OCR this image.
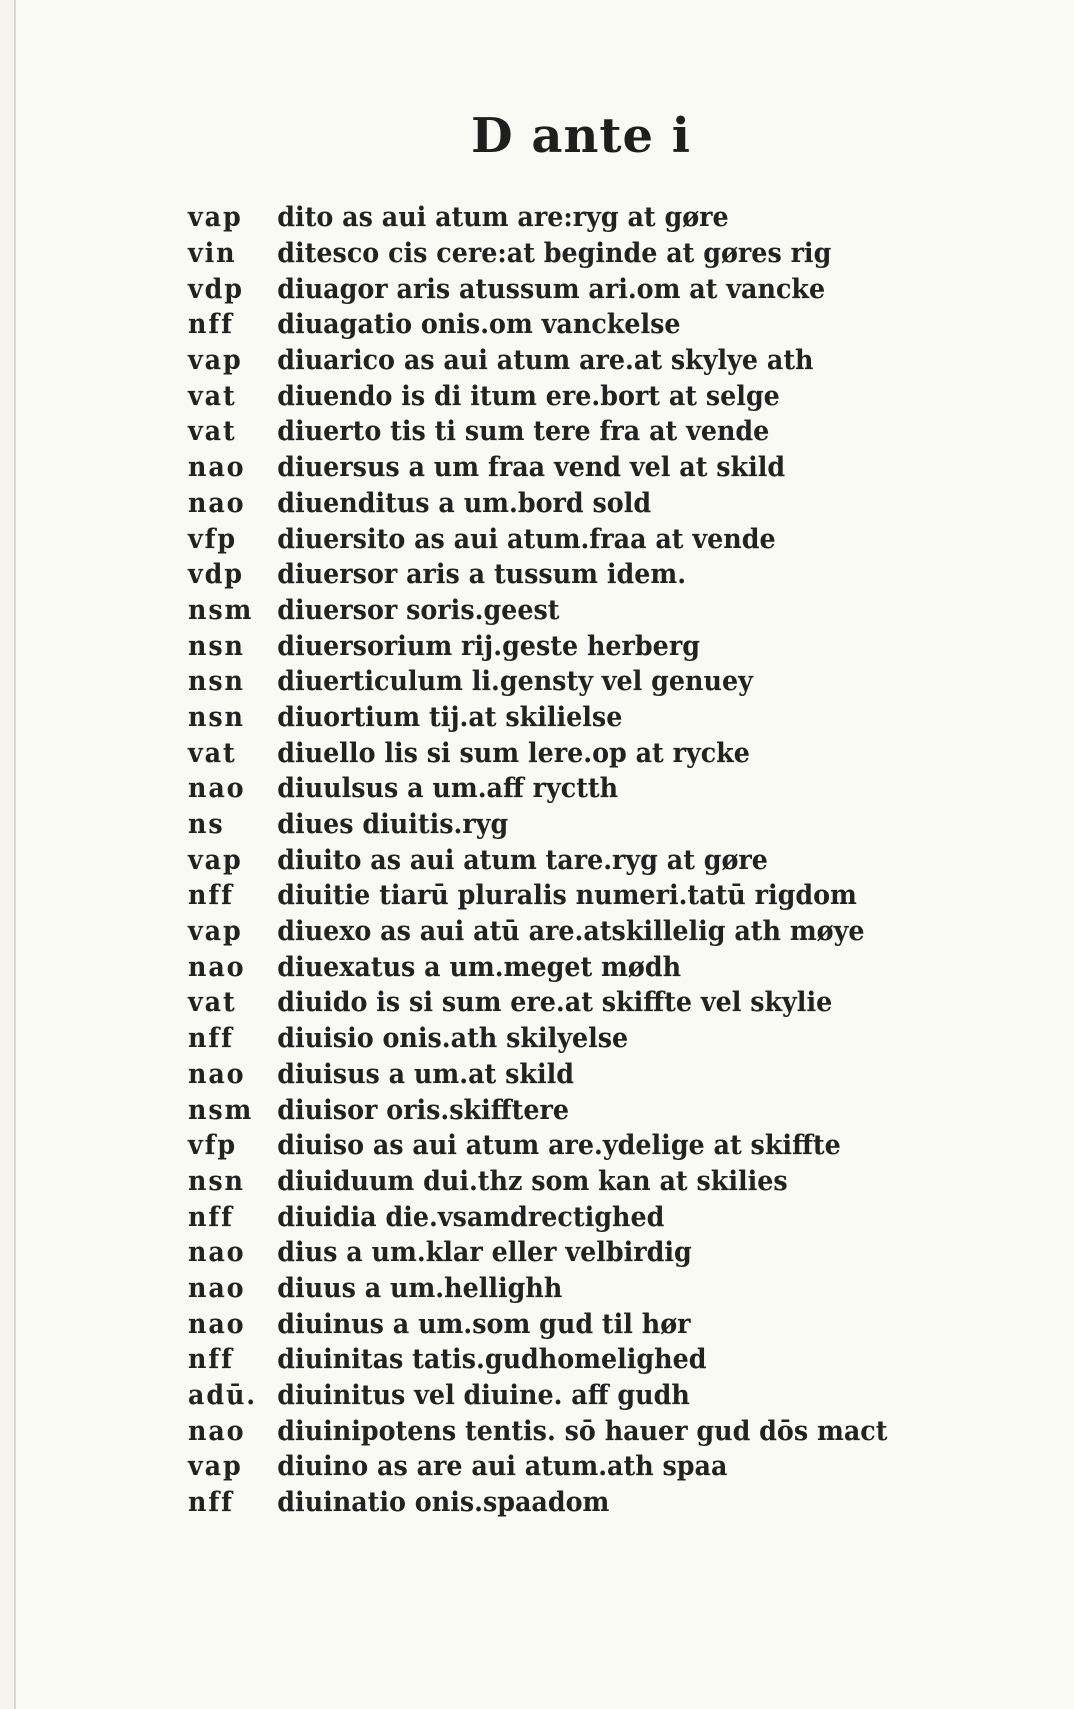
D ante i
vap	dito as aui atum are:ryg at gøre
vin	ditesco cis cere:at beginde at gøres rig
vdp	diuagor aris atussum ari.om at vancke
nff	diuagatio onis.om vanckelse
vap	diuarico as aui atum are.at skylye ath
vat	diuendo is di itum ere.bort at selge
vat	diuerto tis ti sum tere fra at vende
nao	diuersus a um fraa vend vel at skild
nao	diuenditus a um.bord sold
vfp	diuersito as aui atum.fraa at vende
vdp	diuersor aris a tussum idem.
nsm diuersor soris.geest
nsn	diuersorium rij.geste herberg
nsn	diuerticulum li.gensty vel genuey
nsn	diuortium tij.at skilielse
vat	diuello lis si sum lere.op at rycke
nao	diuulsus a um.aff ryctth
ns	diues diuitis.ryg
vap	diuito as aui atum tare.ryg at gøre
nff	diuitie tiarū pluralis numeri.tatū rigdom
vap	diuexo as aui atū are.atskillelig ath møye
nao	diuexatus a um.meget mødh
vat	diuido is si sum ere.at skiffte vel skylie
nff	diuisio onis.ath skilyelse
nao	diuisus a um.at skild
nsm diuisor oris.skifftere
vfp	diuiso as aui atum are.ydelige at skiffte
nsn	diuiduum dui.thz som kan at skilies
nff	diuidia die.vsamdrectighed
nao	dius a um.klar eller velbirdig
nao	diuus a um.hellighh
nao	diuinus a um.som gud til hør
nff	diuinitas tatis.gudhomelighed
adū. diuinitus vel diuine. aff gudh
nao	diuinipotens tentis. sō hauer gud dōs mact
vap	diuino as are aui atum.ath spaa
nff	diuinatio onis.spaadom
